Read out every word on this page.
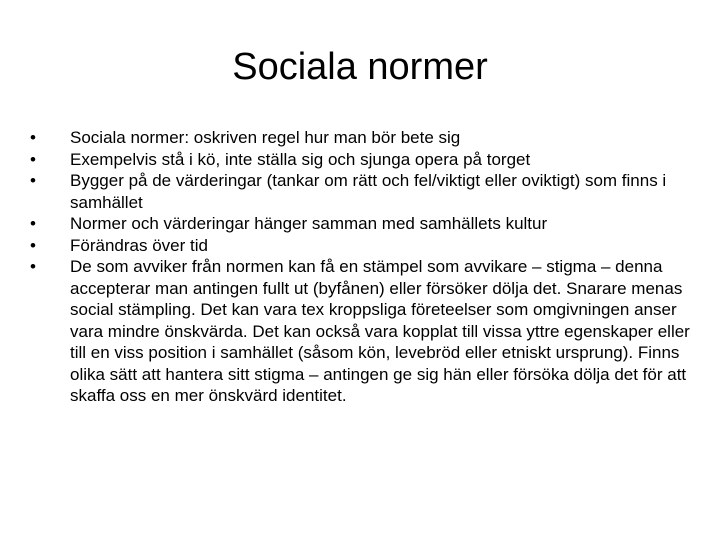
Sociala normer
•	Sociala normer: oskriven regel hur man bör bete sig
•	Exempelvis stå i kö, inte ställa sig och sjunga opera på torget
•	Bygger på de värderingar (tankar om rätt och fel/viktigt eller oviktigt) som finns i samhället
•	Normer och värderingar hänger samman med samhällets kultur
•	Förändras över tid
•	De som avviker från normen kan få en stämpel som avvikare – stigma – denna accepterar man antingen fullt ut (byfånen) eller försöker dölja det. Snarare menas social stämpling. Det kan vara tex kroppsliga företeelser som omgivningen anser vara mindre önskvärda. Det kan också vara kopplat till vissa yttre egenskaper eller till en viss position i samhället (såsom kön, levebröd eller etniskt ursprung). Finns olika sätt att hantera sitt stigma – antingen ge sig hän eller försöka dölja det för att skaffa oss en mer önskvärd identitet.
